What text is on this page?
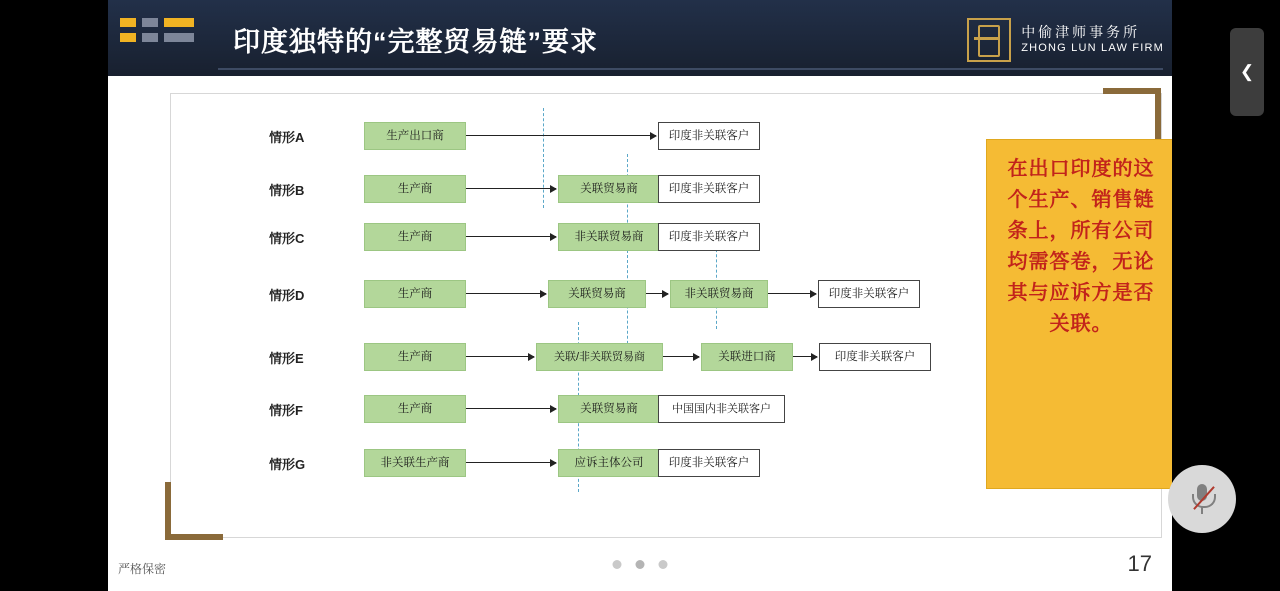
印度独特的“完整贸易链”要求	中偷津师事务所
ZHONG LUN LAW FIRM
情形A	生产出口商	印度非关联客户
情形B	生产商	关联贸易商	印度非关联客户
情形C	生产商	非关联贸易商	印度非关联客户
情形D	生产商	关联贸易商	非关联贸易商	印度非关联客户
情形E	生产商	关联/非关联贸易商	关联进口商	印度非关联客户
情形F	生产商	关联贸易商	中国国内非关联客户
情形G	非关联生产商	应诉主体公司	印度非关联客户
在出口印度的这个生产、销售链条上，所有公司均需答卷，无论其与应诉方是否关联。
严格保密	17
❮
